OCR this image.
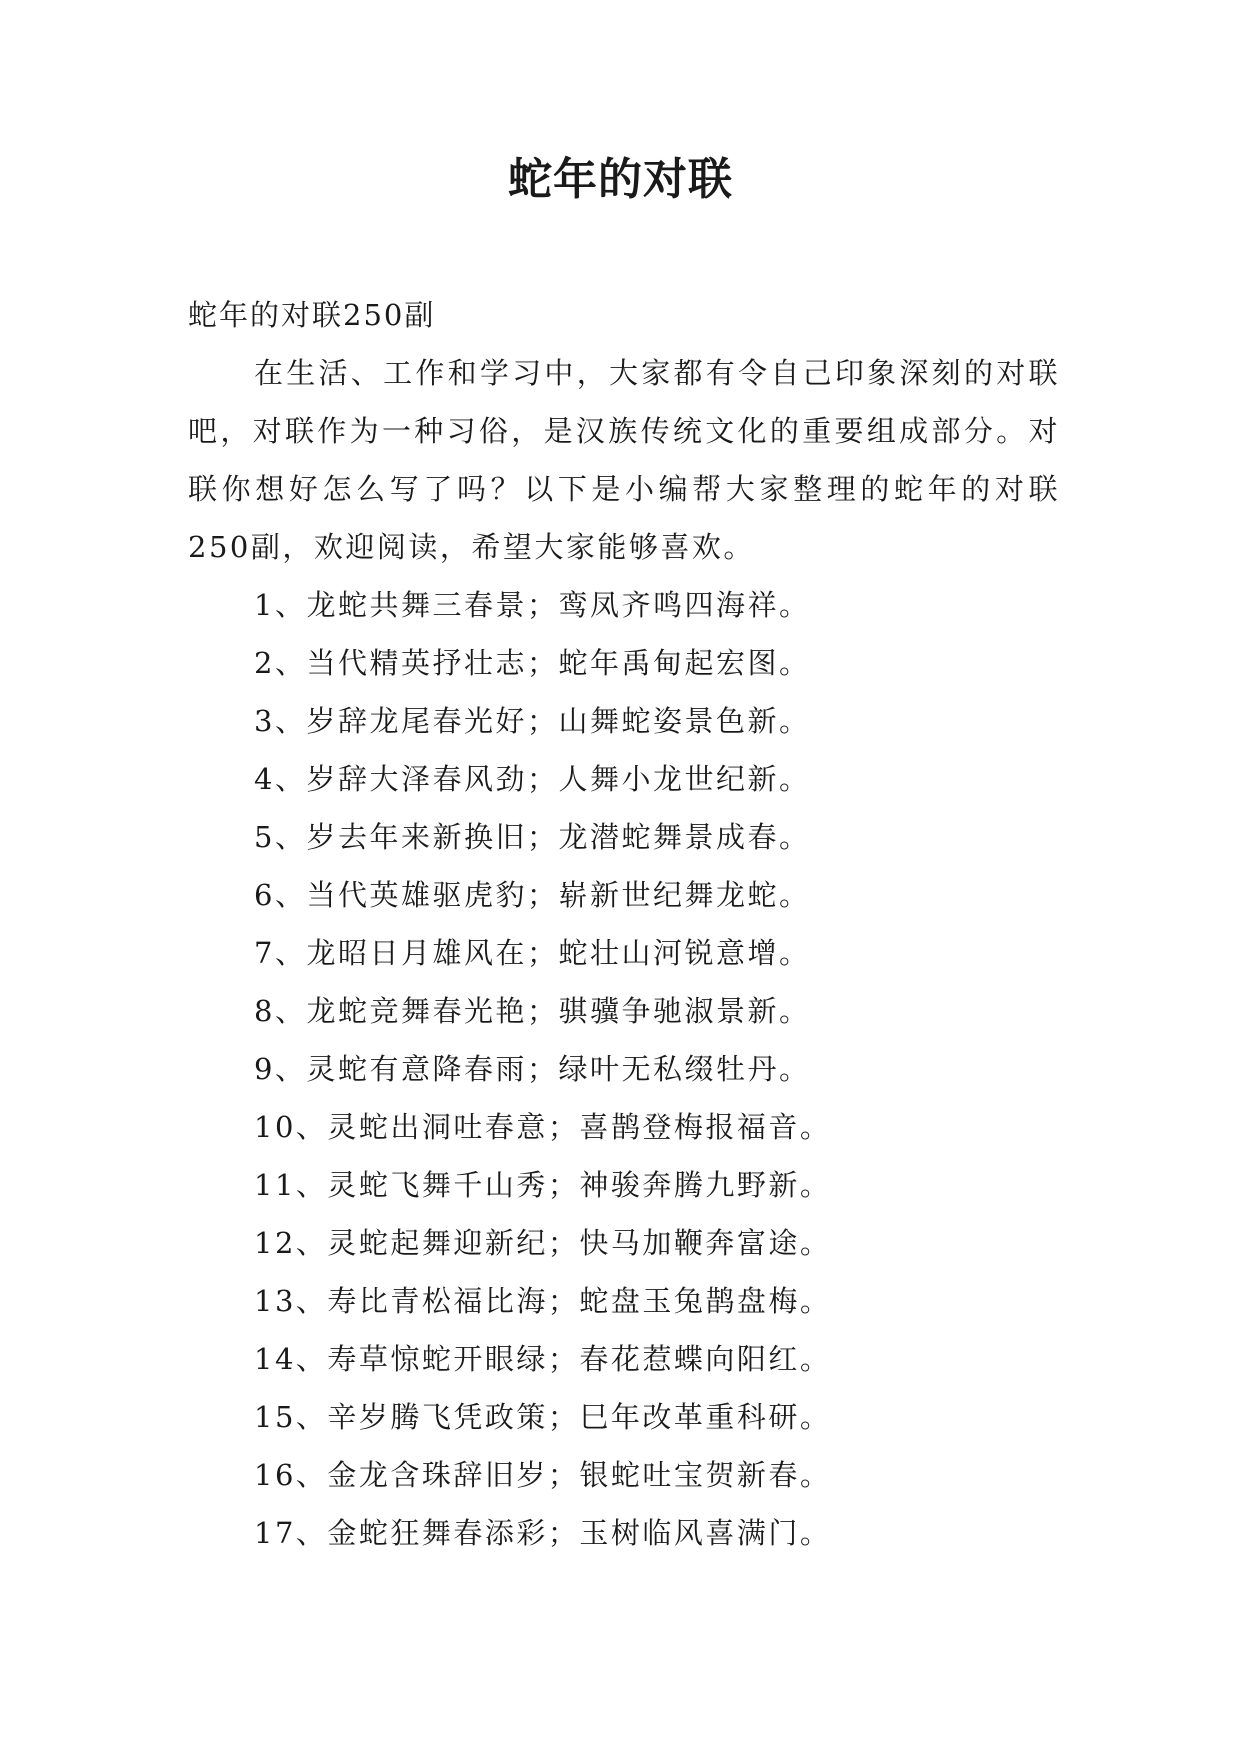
蛇年的对联

蛇年的对联250副

在生活、工作和学习中，大家都有令自己印象深刻的对联吧，对联作为一种习俗，是汉族传统文化的重要组成部分。对联你想好怎么写了吗？以下是小编帮大家整理的蛇年的对联250副，欢迎阅读，希望大家能够喜欢。

1、龙蛇共舞三春景；鸾凤齐鸣四海祥。
2、当代精英抒壮志；蛇年禹甸起宏图。
3、岁辞龙尾春光好；山舞蛇姿景色新。
4、岁辞大泽春风劲；人舞小龙世纪新。
5、岁去年来新换旧；龙潜蛇舞景成春。
6、当代英雄驱虎豹；崭新世纪舞龙蛇。
7、龙昭日月雄风在；蛇壮山河锐意增。
8、龙蛇竞舞春光艳；骐骥争驰淑景新。
9、灵蛇有意降春雨；绿叶无私缀牡丹。
10、灵蛇出洞吐春意；喜鹊登梅报福音。
11、灵蛇飞舞千山秀；神骏奔腾九野新。
12、灵蛇起舞迎新纪；快马加鞭奔富途。
13、寿比青松福比海；蛇盘玉兔鹊盘梅。
14、寿草惊蛇开眼绿；春花惹蝶向阳红。
15、辛岁腾飞凭政策；巳年改革重科研。
16、金龙含珠辞旧岁；银蛇吐宝贺新春。
17、金蛇狂舞春添彩；玉树临风喜满门。
